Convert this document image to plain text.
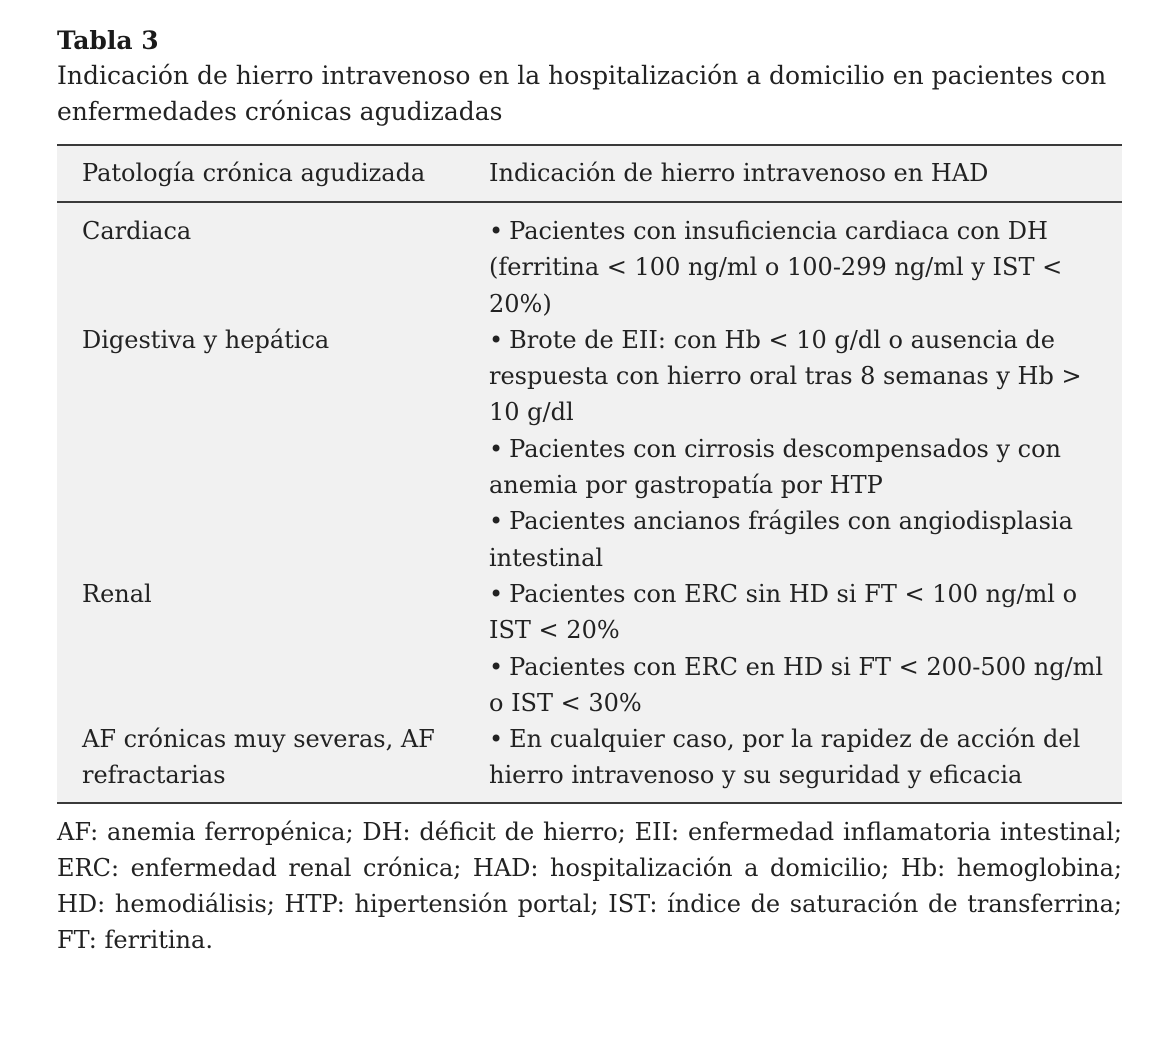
Tabla 3

Indicación de hierro intravenoso en la hospitalización a domicilio en pacientes con enfermedades crónicas agudizadas

Patología crónica agudizada	Indicación de hierro intravenoso en HAD
Cardiaca	• Pacientes con insuficiencia cardiaca con DH (ferritina < 100 ng/ml o 100-299 ng/ml y IST < 20%)

Digestiva y hepática	• Brote de EII: con Hb < 10 g/dl o ausencia de respuesta con hierro oral tras 8 semanas y Hb > 10 g/dl
• Pacientes con cirrosis descompensados y con anemia por gastropatía por HTP
• Pacientes ancianos frágiles con angiodisplasia intestinal

Renal	• Pacientes con ERC sin HD si FT < 100 ng/ml o IST < 20%
• Pacientes con ERC en HD si FT < 200-500 ng/ml o IST < 30%

AF crónicas muy severas, AF refractarias	• En cualquier caso, por la rapidez de acción del hierro intravenoso y su seguridad y eficacia

AF: anemia ferropénica; DH: déficit de hierro; EII: enfermedad inflamatoria intestinal; ERC: enfermedad renal crónica; HAD: hospitalización a domicilio; Hb: hemoglobina; HD: hemodiálisis; HTP: hipertensión portal; IST: índice de saturación de transferrina; FT: ferritina.
